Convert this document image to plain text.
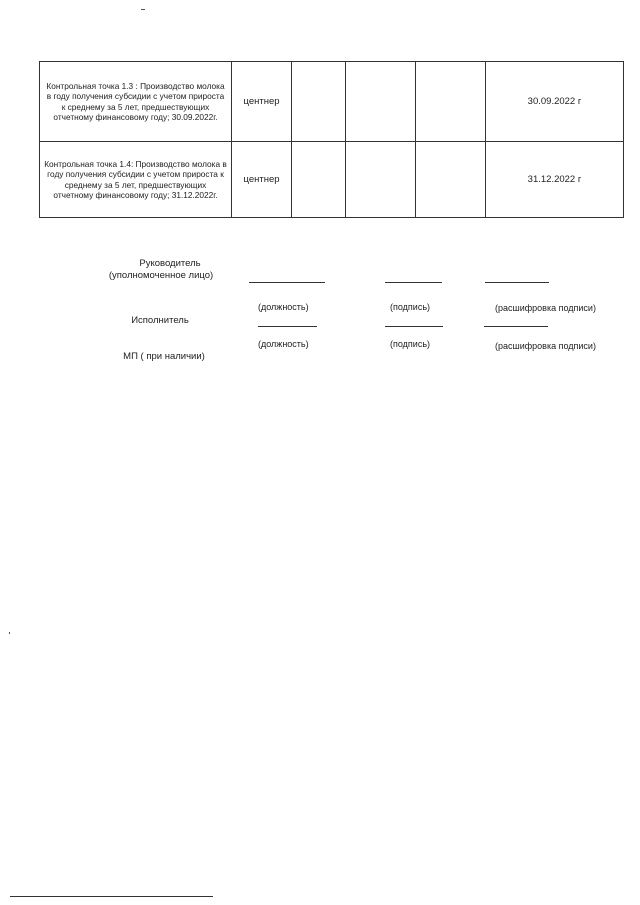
Контрольная точка 1.3 : Производство молока в году получения субсидии с учетом прироста к среднему за 5 лет, предшествующих отчетному финансовому году; 30.09.2022г.	центнер				30.09.2022 г
Контрольная точка 1.4: Производство молока в году получения субсидии с учетом прироста к среднему за 5 лет, предшествующих отчетному финансовому году; 31.12.2022г.	центнер				31.12.2022 г
Руководитель
(уполномоченное лицо)
(должность)	(подпись)	(расшифровка подписи)
Исполнитель
(должность)	(подпись)	(расшифровка подписи)
МП ( при наличии)
